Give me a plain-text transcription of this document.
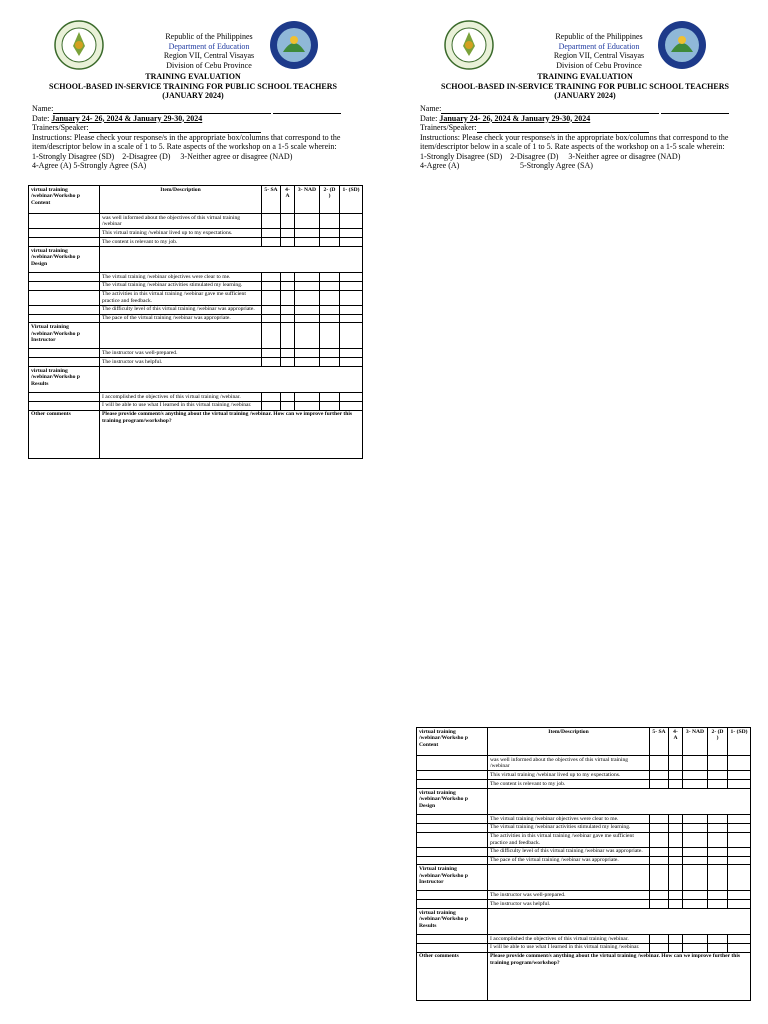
Republic of the Philippines
Department of Education
Region VII, Central Visayas
Division of Cebu Province
TRAINING EVALUATION
SCHOOL-BASED IN-SERVICE TRAINING FOR PUBLIC SCHOOL TEACHERS
(JANUARY 2024)
Name:
Date: January 24- 26, 2024 & January 29-30, 2024
Trainers/Speaker:
Instructions: Please check your response/s in the appropriate box/columns that correspond to the item/descriptor below in a scale of 1 to 5. Rate aspects of the workshop on a 1-5 scale wherein:
1-Strongly Disagree (SD) 2-Disagree (D) 3-Neither agree or disagree (NAD)
4-Agree (A) 5-Strongly Agree (SA)
virtual training /webinar/Worksho p Content	Item/Description	5- SA	4- A	3- NAD	2- (D )	1- (SD)
	was well informed about the objectives of this virtual training /webinar					
	This virtual training /webinar lived up to my expectations.					
	The content is relevant to my job.					
virtual training /webinar/Worksho p Design						
	The virtual training /webinar objectives were clear to me.					
	The virtual training /webinar activities stimulated my learning.					
	The activities in this virtual training /webinar gave me sufficient practice and feedback.					
	The difficulty level of this virtual training /webinar was appropriate.					
	The pace of the virtual training /webinar was appropriate.					
Virtual training /webinar/Worksho p Instructor						
	The instructor was well-prepared.					
	The instructor was helpful.					
virtual training /webinar/Worksho p Results						
	I accomplished the objectives of this virtual training /webinar.					
	I will be able to use what I learned in this virtual training /webinar.					
Other comments	Please provide comment/s anything about the virtual training /webinar. How can we improve further this training program/workshop?					
Republic of the Philippines
Department of Education
Region VII, Central Visayas
Division of Cebu Province
TRAINING EVALUATION
SCHOOL-BASED IN-SERVICE TRAINING FOR PUBLIC SCHOOL TEACHERS
(JANUARY 2024)
Name:
Date: January 24- 26, 2024 & January 29-30, 2024
Trainers/Speaker:
Instructions: Please check your response/s in the appropriate box/columns that correspond to the item/descriptor below in a scale of 1 to 5. Rate aspects of the workshop on a 1-5 scale wherein:
1-Strongly Disagree (SD) 2-Disagree (D) 3-Neither agree or disagree (NAD)
4-Agree (A)	5-Strongly Agree (SA)
virtual training /webinar/Worksho p Content	Item/Description	5- SA	4- A	3- NAD	2- (D )	1- (SD)
	was well informed about the objectives of this virtual training /webinar					
	This virtual training /webinar lived up to my expectations.					
	The content is relevant to my job.					
virtual training /webinar/Worksho p Design						
	The virtual training /webinar objectives were clear to me.					
	The virtual training /webinar activities stimulated my learning.					
	The activities in this virtual training /webinar gave me sufficient practice and feedback.					
	The difficulty level of this virtual training /webinar was appropriate.					
	The pace of the virtual training /webinar was appropriate.					
Virtual training /webinar/Worksho p Instructor						
	The instructor was well-prepared.					
	The instructor was helpful.					
virtual training /webinar/Worksho p Results						
	I accomplished the objectives of this virtual training /webinar.					
	I will be able to use what I learned in this virtual training /webinar.					
Other comments	Please provide comment/s anything about the virtual training /webinar. How can we improve further this training program/workshop?					
